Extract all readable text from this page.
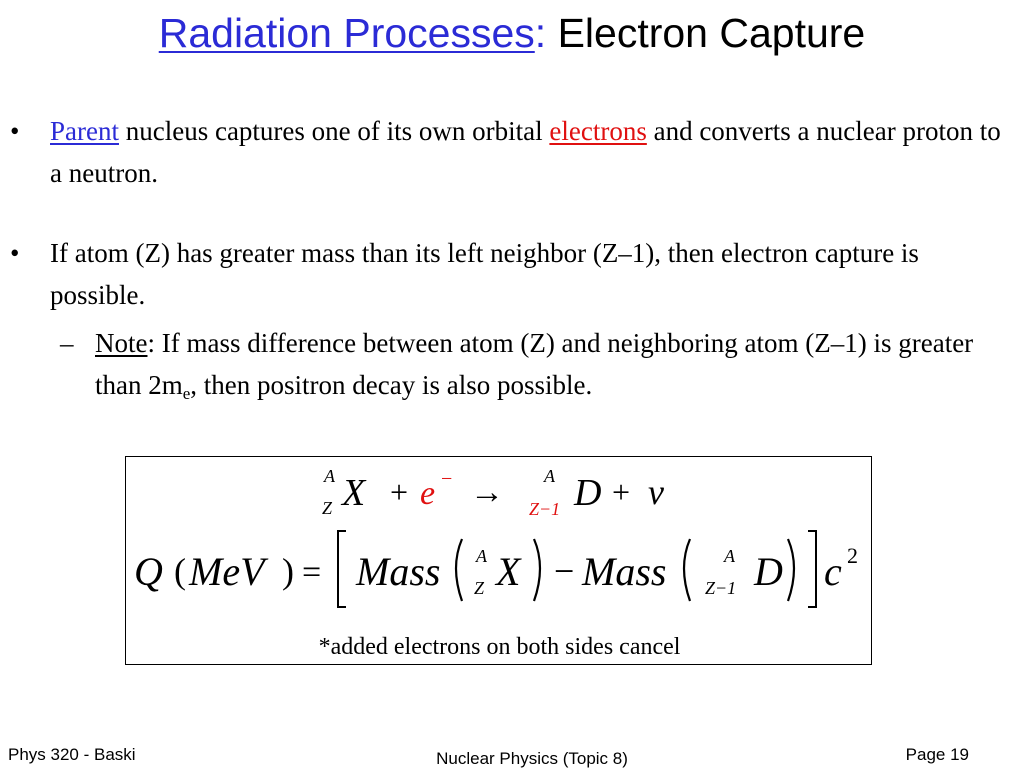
Radiation Processes: Electron Capture
• Parent nucleus captures one of its own orbital electrons and converts a nuclear proton to a neutron.
• If atom (Z) has greater mass than its left neighbor (Z–1), then electron capture is possible.
– Note: If mass difference between atom (Z) and neighboring atom (Z–1) is greater than $2m_e$, then positron decay is also possible.
A
Z X + e − → A
Z−1 D + v
Q ( MeV ) = Mass A
Z X − Mass	A
Z−1 D c 2
*added electrons on both sides cancel
Phys 320 - Baski	Nuclear Physics (Topic 8)	Page 19
